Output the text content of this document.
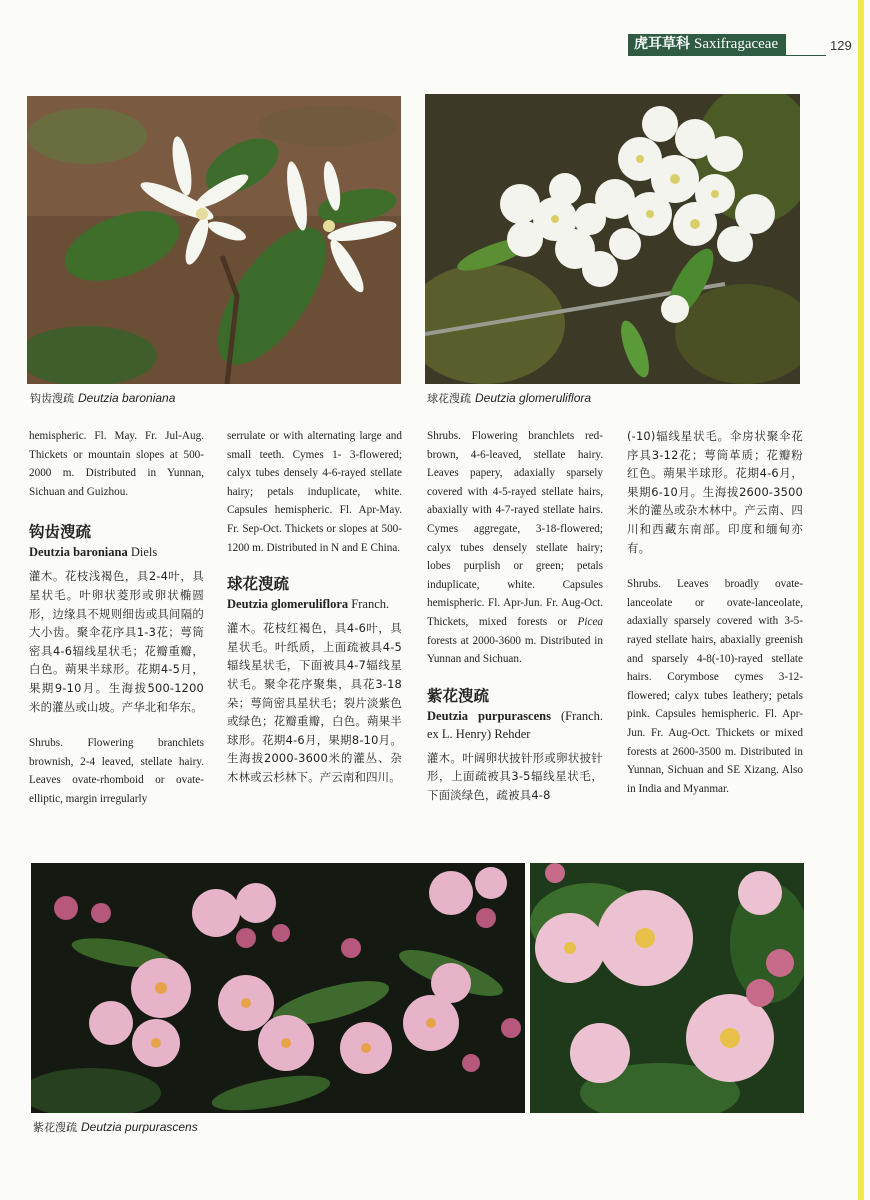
虎耳草科 Saxifragaceae	129
钩齿溲疏 Deutzia baroniana	球花溲疏 Deutzia glomeruliflora

hemispheric. Fl. May. Fr. Jul-Aug. Thickets or mountain slopes at 500-2000 m. Distributed in Yunnan, Sichuan and Guizhou.

钩齿溲疏
Deutzia baroniana Diels

灌木。花枝浅褐色，具2-4叶，具星状毛。叶卵状菱形或卵状椭圆形，边缘具不规则细齿或具间隔的大小齿。聚伞花序具1-3花；萼筒密具4-6辐线星状毛；花瓣重瓣，白色。蒴果半球形。花期4-5月，果期9-10月。生海拔500-1200米的灌丛或山坡。产华北和华东。

Shrubs. Flowering branchlets brownish, 2-4 leaved, stellate hairy. Leaves ovate-rhomboid or ovate-elliptic, margin irregularly

serrulate or with alternating large and small teeth. Cymes 1- 3-flowered; calyx tubes densely 4-6-rayed stellate hairy; petals induplicate, white. Capsules hemispheric. Fl. Apr-May. Fr. Sep-Oct. Thickets or slopes at 500-1200 m. Distributed in N and E China.

球花溲疏
Deutzia glomeruliflora Franch.

灌木。花枝红褐色，具4-6叶，具星状毛。叶纸质，上面疏被具4-5辐线星状毛，下面被具4-7辐线星状毛。聚伞花序聚集，具花3-18朵；萼筒密具星状毛；裂片淡紫色或绿色；花瓣重瓣，白色。蒴果半球形。花期4-6月，果期8-10月。生海拔2000-3600米的灌丛、杂木林或云杉林下。产云南和四川。

Shrubs. Flowering branchlets red-brown, 4-6-leaved, stellate hairy. Leaves papery, adaxially sparsely covered with 4-5-rayed stellate hairs, abaxially with 4-7-rayed stellate hairs. Cymes aggregate, 3-18-flowered; calyx tubes densely stellate hairy; lobes purplish or green; petals induplicate, white. Capsules hemispheric. Fl. Apr-Jun. Fr. Aug-Oct. Thickets, mixed forests or Picea forests at 2000-3600 m. Distributed in Yunnan and Sichuan.

紫花溲疏
Deutzia purpurascens (Franch. ex L. Henry) Rehder

灌木。叶阔卵状披针形或卵状披针形，上面疏被具3-5辐线星状毛，下面淡绿色，疏被具4-8

(-10)辐线星状毛。伞房状聚伞花序具3-12花；萼筒革质；花瓣粉红色。蒴果半球形。花期4-6月，果期6-10月。生海拔2600-3500米的灌丛或杂木林中。产云南、四川和西藏东南部。印度和缅甸亦有。

Shrubs. Leaves broadly ovate-lanceolate or ovate-lanceolate, adaxially sparsely covered with 3-5-rayed stellate hairs, abaxially greenish and sparsely 4-8(-10)-rayed stellate hairs. Corymbose cymes 3-12-flowered; calyx tubes leathery; petals pink. Capsules hemispheric. Fl. Apr-Jun. Fr. Aug-Oct. Thickets or mixed forests at 2600-3500 m. Distributed in Yunnan, Sichuan and SE Xizang. Also in India and Myanmar.

紫花溲疏 Deutzia purpurascens
